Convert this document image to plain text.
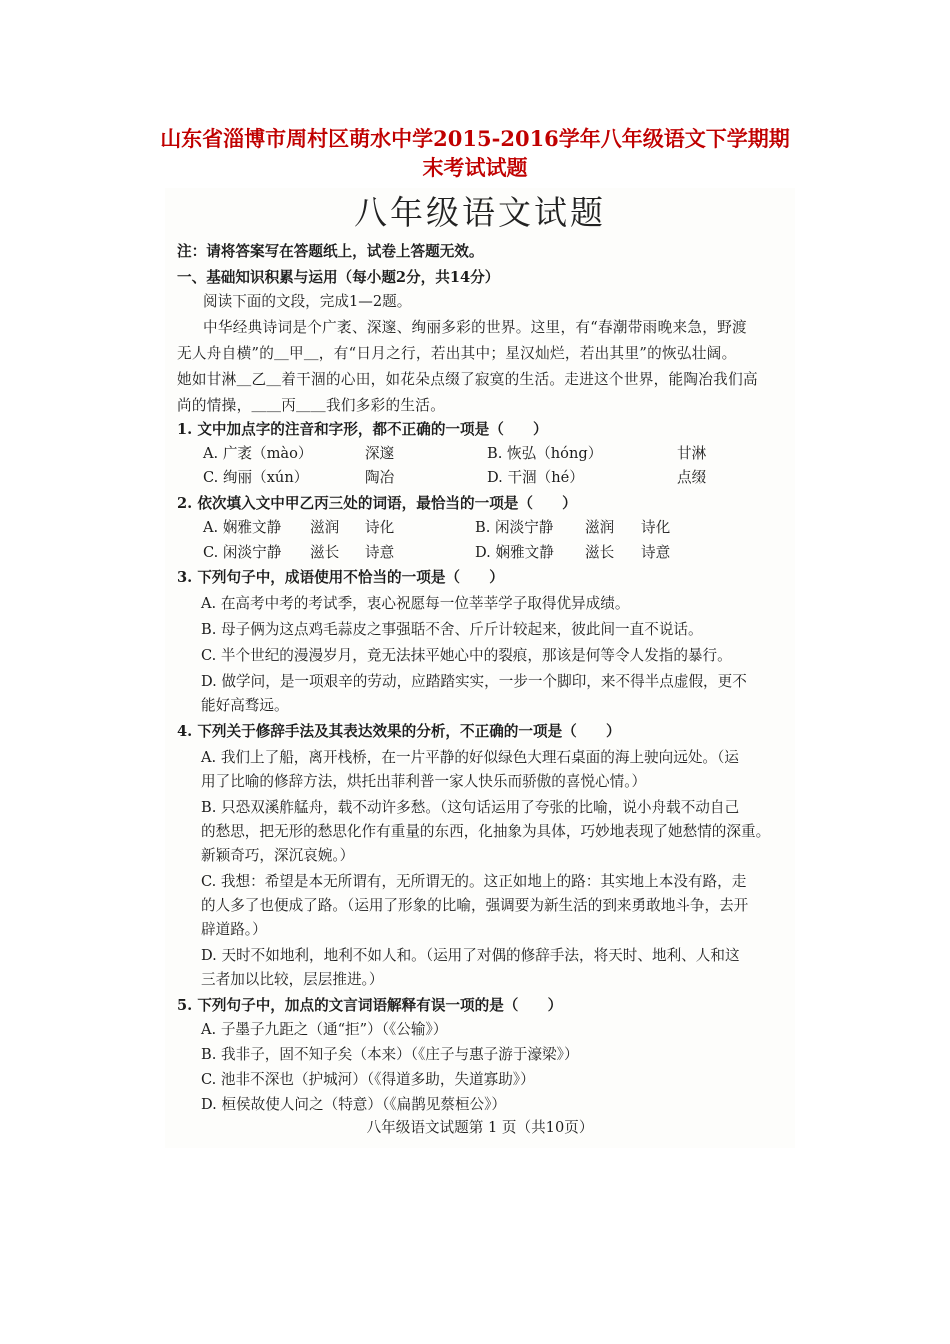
山东省淄博市周村区萌水中学2015-2016学年八年级语文下学期期
末考试试题
八年级语文试题
注：请将答案写在答题纸上，试卷上答题无效。
一、基础知识积累与运用（每小题2分，共14分）
阅读下面的文段，完成1—2题。
中华经典诗词是个广袤、深邃、绚丽多彩的世界。这里，有“春潮带雨晚来急，野渡
无人舟自横”的＿甲＿，有“日月之行，若出其中；星汉灿烂，若出其里”的恢弘壮阔。
她如甘淋＿乙＿着干涸的心田，如花朵点缀了寂寞的生活。走进这个世界，能陶冶我们高
尚的情操，＿＿丙＿＿我们多彩的生活。
1. 文中加点字的注音和字形，都不正确的一项是（　　）
A. 广袤（mào）	深邃	B. 恢弘（hóng）	甘淋
C. 绚丽（xún）	陶冶	D. 干涸（hé）	点缀
2. 依次填入文中甲乙丙三处的词语，最恰当的一项是（　　）
A. 娴雅文静 滋润 诗化	B. 闲淡宁静 滋润 诗化
C. 闲淡宁静 滋长 诗意	D. 娴雅文静 滋长 诗意
3. 下列句子中，成语使用不恰当的一项是（　　）
A. 在高考中考的考试季，衷心祝愿每一位莘莘学子取得优异成绩。
B. 母子俩为这点鸡毛蒜皮之事强聒不舍、斤斤计较起来，彼此间一直不说话。
C. 半个世纪的漫漫岁月，竟无法抹平她心中的裂痕，那该是何等令人发指的暴行。
D. 做学问，是一项艰辛的劳动，应踏踏实实，一步一个脚印，来不得半点虚假，更不
能好高骛远。
4. 下列关于修辞手法及其表达效果的分析，不正确的一项是（　　）
A. 我们上了船，离开栈桥，在一片平静的好似绿色大理石桌面的海上驶向远处。（运
用了比喻的修辞方法，烘托出菲利普一家人快乐而骄傲的喜悦心情。）
B. 只恐双溪舴艋舟，载不动许多愁。（这句话运用了夸张的比喻，说小舟载不动自己
的愁思，把无形的愁思化作有重量的东西，化抽象为具体，巧妙地表现了她愁情的深重。
新颖奇巧，深沉哀婉。）
C. 我想：希望是本无所谓有，无所谓无的。这正如地上的路：其实地上本没有路，走
的人多了也便成了路。（运用了形象的比喻，强调要为新生活的到来勇敢地斗争，去开
辟道路。）
D. 天时不如地利，地利不如人和。（运用了对偶的修辞手法，将天时、地利、人和这
三者加以比较，层层推进。）
5. 下列句子中，加点的文言词语解释有误一项的是（　　）
A. 子墨子九距之（通“拒”）（《公输》）
B. 我非子，固不知子矣（本来）（《庄子与惠子游于濠梁》）
C. 池非不深也（护城河）（《得道多助，失道寡助》）
D. 桓侯故使人问之（特意）（《扁鹊见蔡桓公》）
八年级语文试题第 1 页（共10页）
